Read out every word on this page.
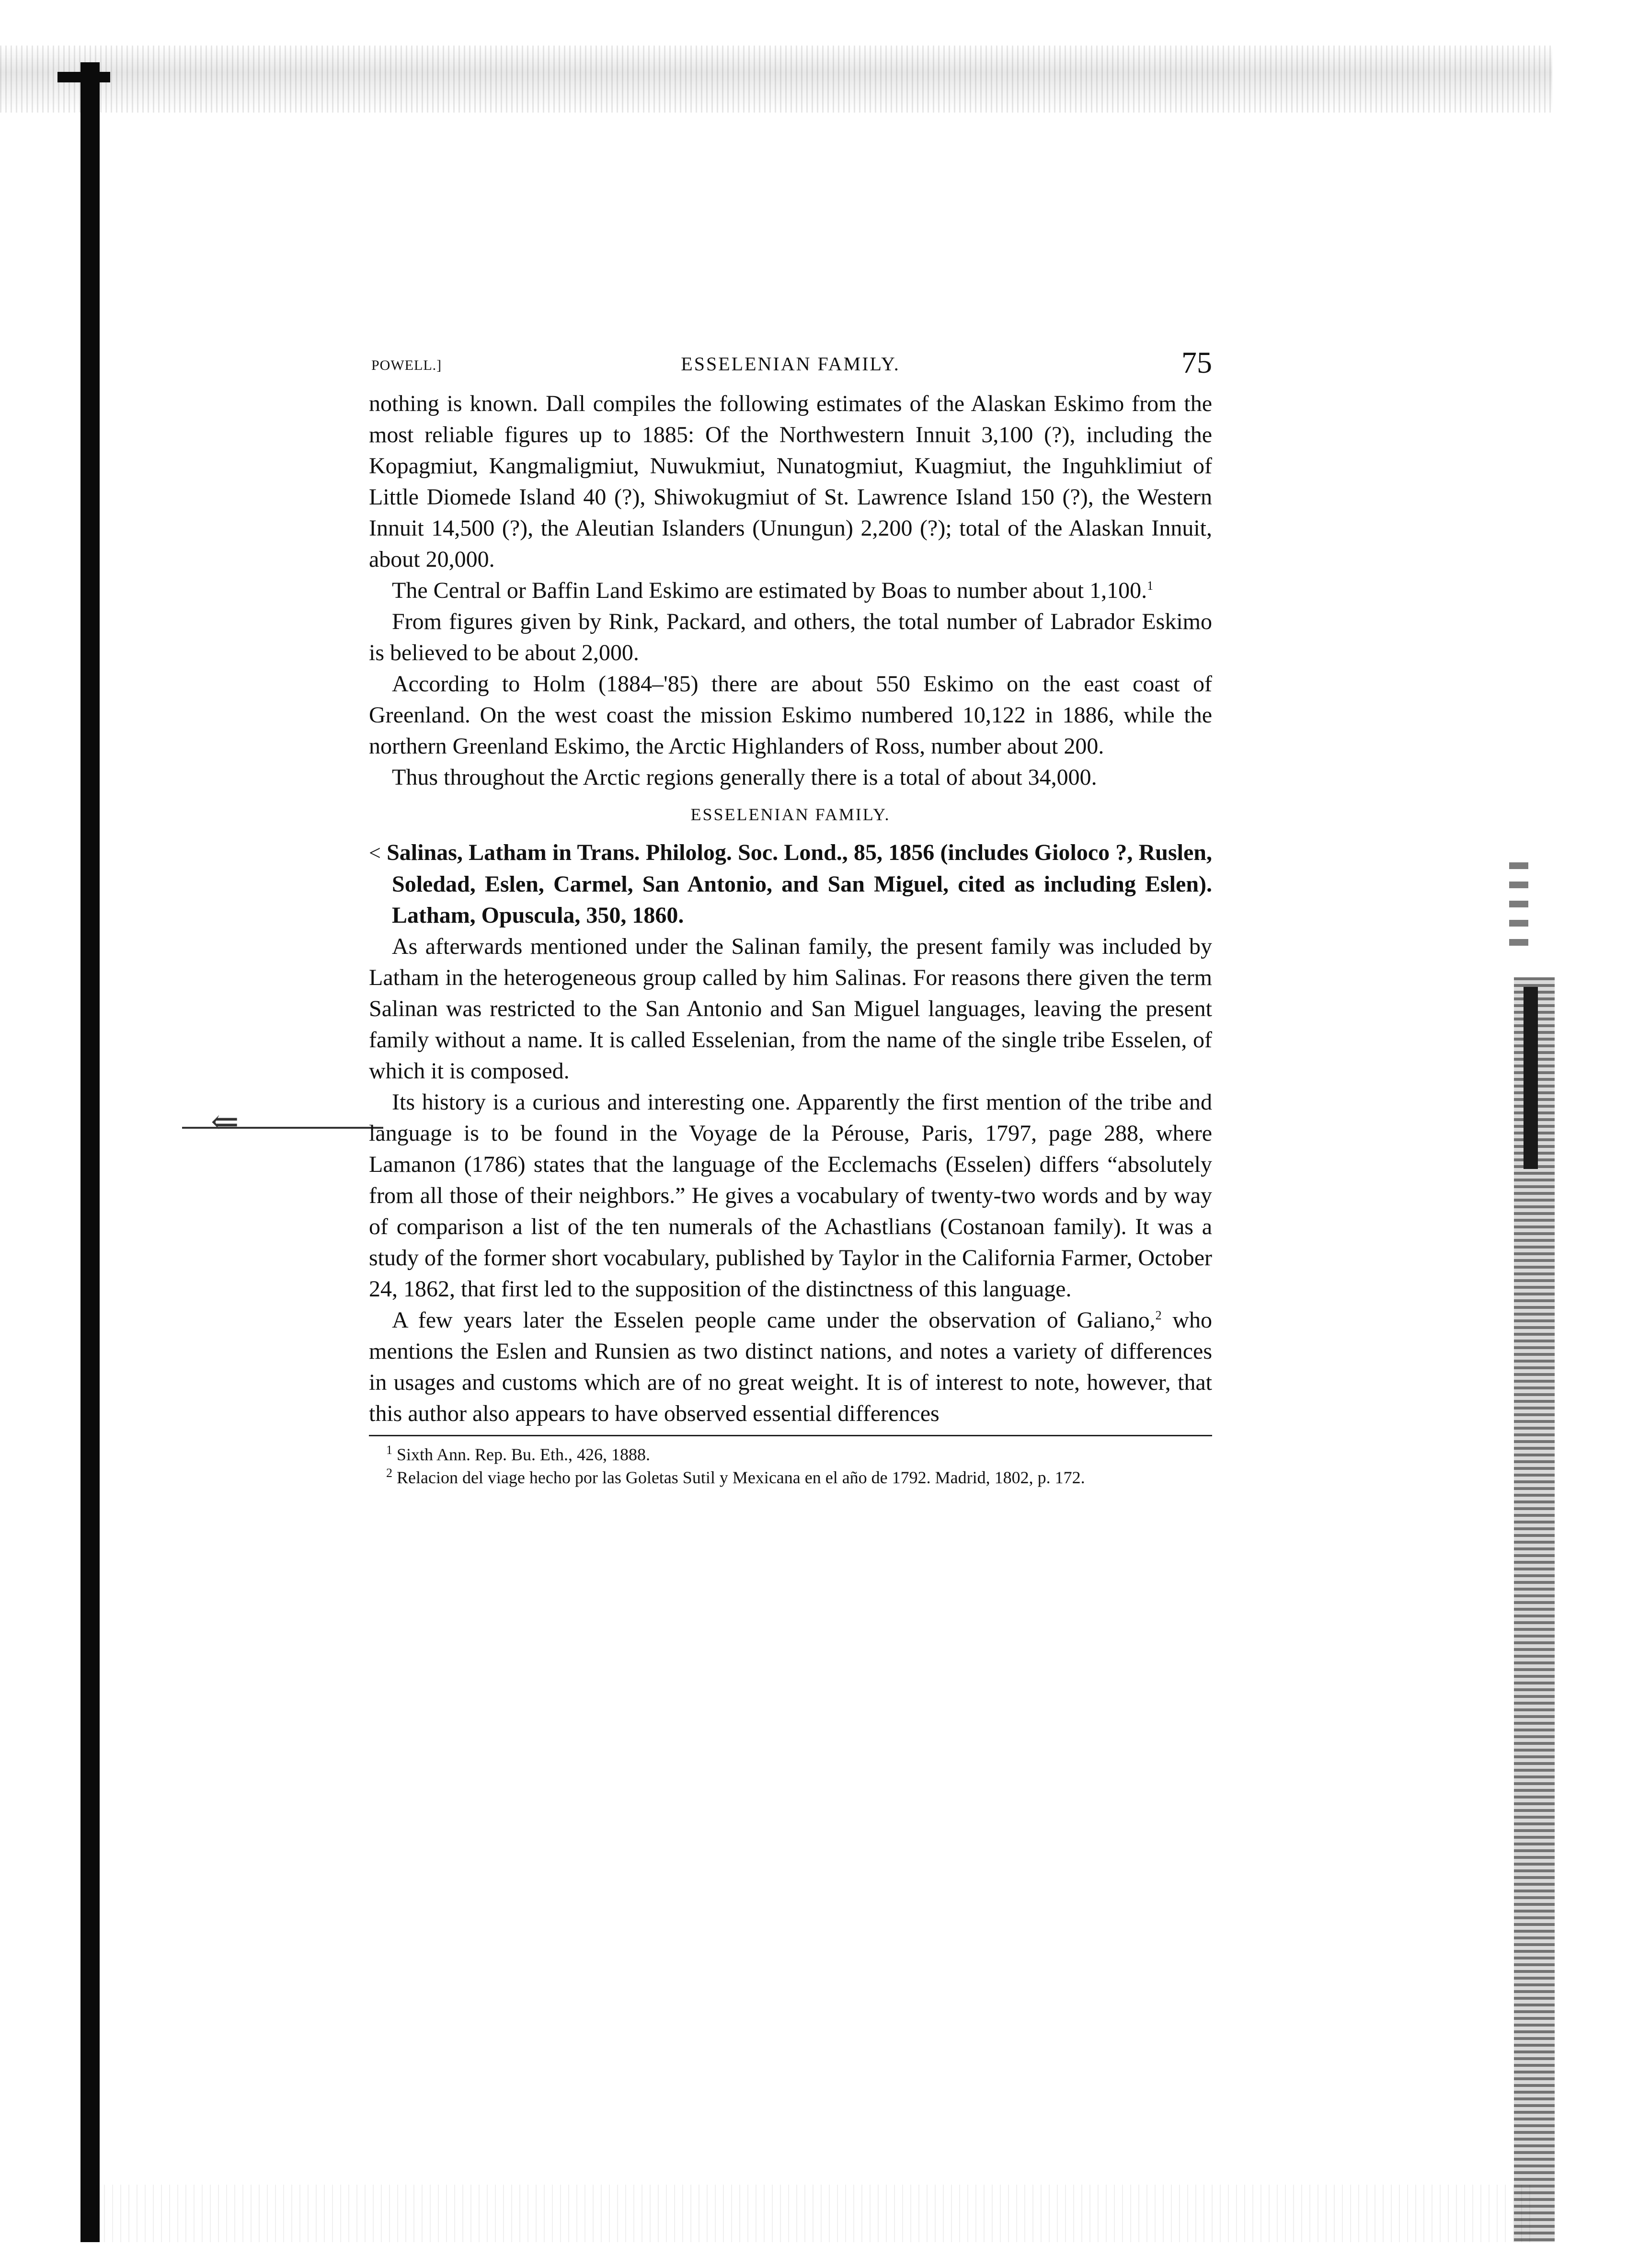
⇐
POWELL.]	ESSELENIAN FAMILY.	75

nothing is known. Dall compiles the following estimates of the Alaskan Eskimo from the most reliable figures up to 1885: Of the Northwestern Innuit 3,100 (?), including the Kopagmiut, Kangmaligmiut, Nuwukmiut, Nunatogmiut, Kuagmiut, the Inguhklimiut of Little Diomede Island 40 (?), Shiwokugmiut of St. Lawrence Island 150 (?), the Western Innuit 14,500 (?), the Aleutian Islanders (Unungun) 2,200 (?); total of the Alaskan Innuit, about 20,000.

The Central or Baffin Land Eskimo are estimated by Boas to number about 1,100.$^1$

From figures given by Rink, Packard, and others, the total number of Labrador Eskimo is believed to be about 2,000.

According to Holm (1884–'85) there are about 550 Eskimo on the east coast of Greenland. On the west coast the mission Eskimo numbered 10,122 in 1886, while the northern Greenland Eskimo, the Arctic Highlanders of Ross, number about 200.

Thus throughout the Arctic regions generally there is a total of about 34,000.

ESSELENIAN FAMILY.

< Salinas, Latham in Trans. Philolog. Soc. Lond., 85, 1856 (includes Gioloco ?, Ruslen, Soledad, Eslen, Carmel, San Antonio, and San Miguel, cited as including Eslen). Latham, Opuscula, 350, 1860.

As afterwards mentioned under the Salinan family, the present family was included by Latham in the heterogeneous group called by him Salinas. For reasons there given the term Salinan was restricted to the San Antonio and San Miguel languages, leaving the present family without a name. It is called Esselenian, from the name of the single tribe Esselen, of which it is composed.

Its history is a curious and interesting one. Apparently the first mention of the tribe and language is to be found in the Voyage de la Pérouse, Paris, 1797, page 288, where Lamanon (1786) states that the language of the Ecclemachs (Esselen) differs “absolutely from all those of their neighbors.” He gives a vocabulary of twenty-two words and by way of comparison a list of the ten numerals of the Achastlians (Costanoan family). It was a study of the former short vocabulary, published by Taylor in the California Farmer, October 24, 1862, that first led to the supposition of the distinctness of this language.

A few years later the Esselen people came under the observation of Galiano,$^2$ who mentions the Eslen and Runsien as two distinct nations, and notes a variety of differences in usages and customs which are of no great weight. It is of interest to note, however, that this author also appears to have observed essential differences

$^1$ Sixth Ann. Rep. Bu. Eth., 426, 1888.

$^2$ Relacion del viage hecho por las Goletas Sutil y Mexicana en el año de 1792. Madrid, 1802, p. 172.
